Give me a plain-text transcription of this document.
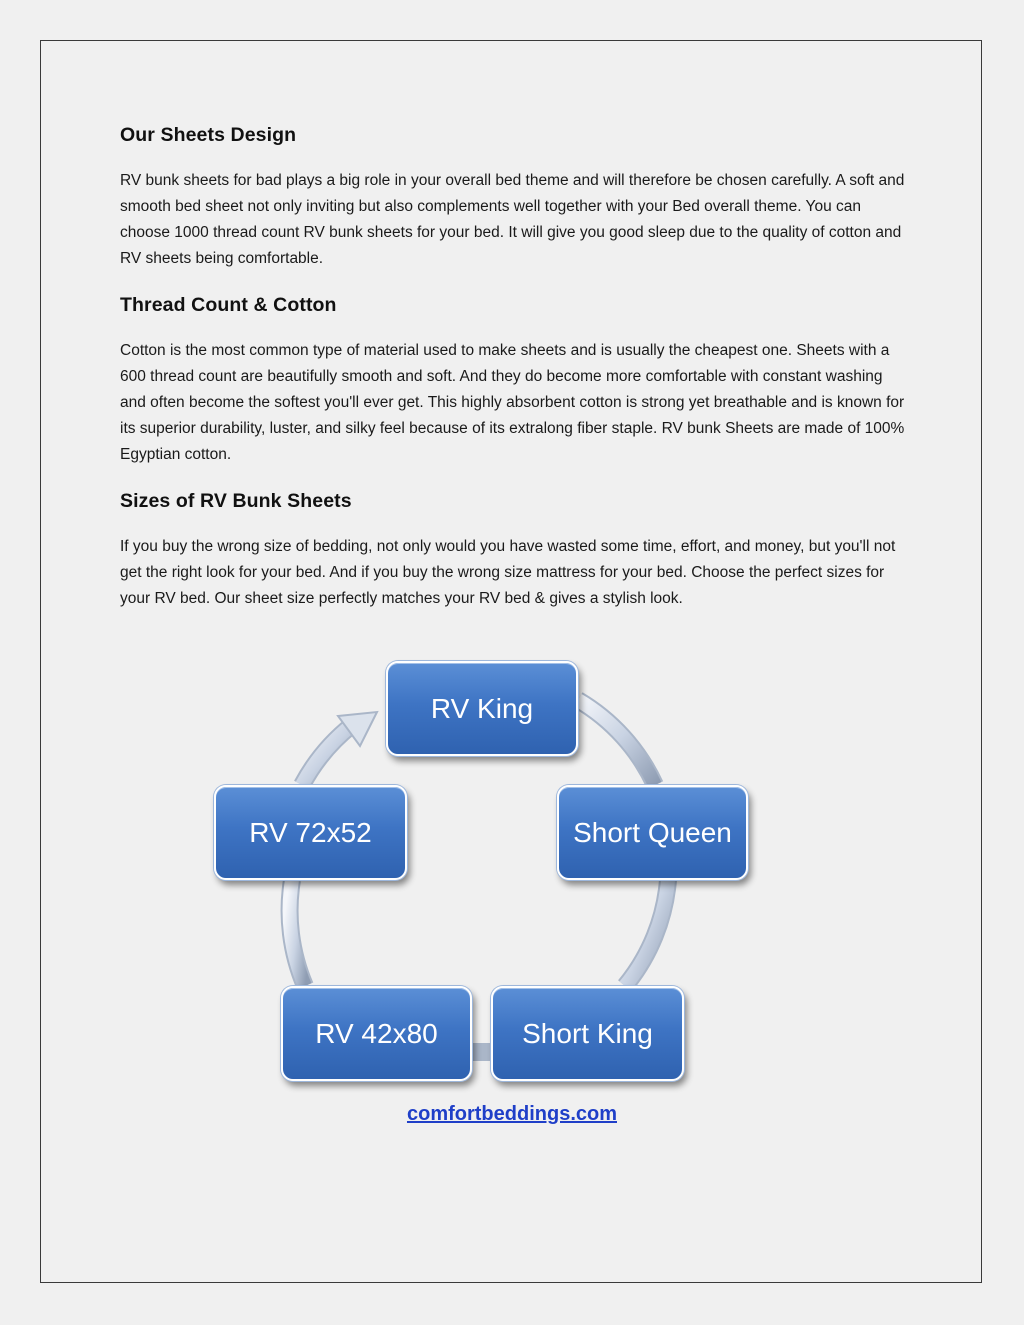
Our Sheets Design

RV bunk sheets for bad plays a big role in your overall bed theme and will therefore be chosen carefully. A soft and smooth bed sheet not only inviting but also complements well together with your Bed overall theme. You can choose 1000 thread count RV bunk sheets for your bed. It will give you good sleep due to the quality of cotton and RV sheets being comfortable.

Thread Count & Cotton

Cotton is the most common type of material used to make sheets and is usually the cheapest one. Sheets with a 600 thread count are beautifully smooth and soft. And they do become more comfortable with constant washing and often become the softest you'll ever get. This highly absorbent cotton is strong yet breathable and is known for its superior durability, luster, and silky feel because of its extralong fiber staple. RV bunk Sheets are made of 100% Egyptian cotton.

Sizes of RV Bunk Sheets

If you buy the wrong size of bedding, not only would you have wasted some time, effort, and money, but you'll not get the right look for your bed. And if you buy the wrong size mattress for your bed. Choose the perfect sizes for your RV bed. Our sheet size perfectly matches your RV bed & gives a stylish look.

RV King
Short Queen
Short King
RV 42x80
RV 72x52
comfortbeddings.com
